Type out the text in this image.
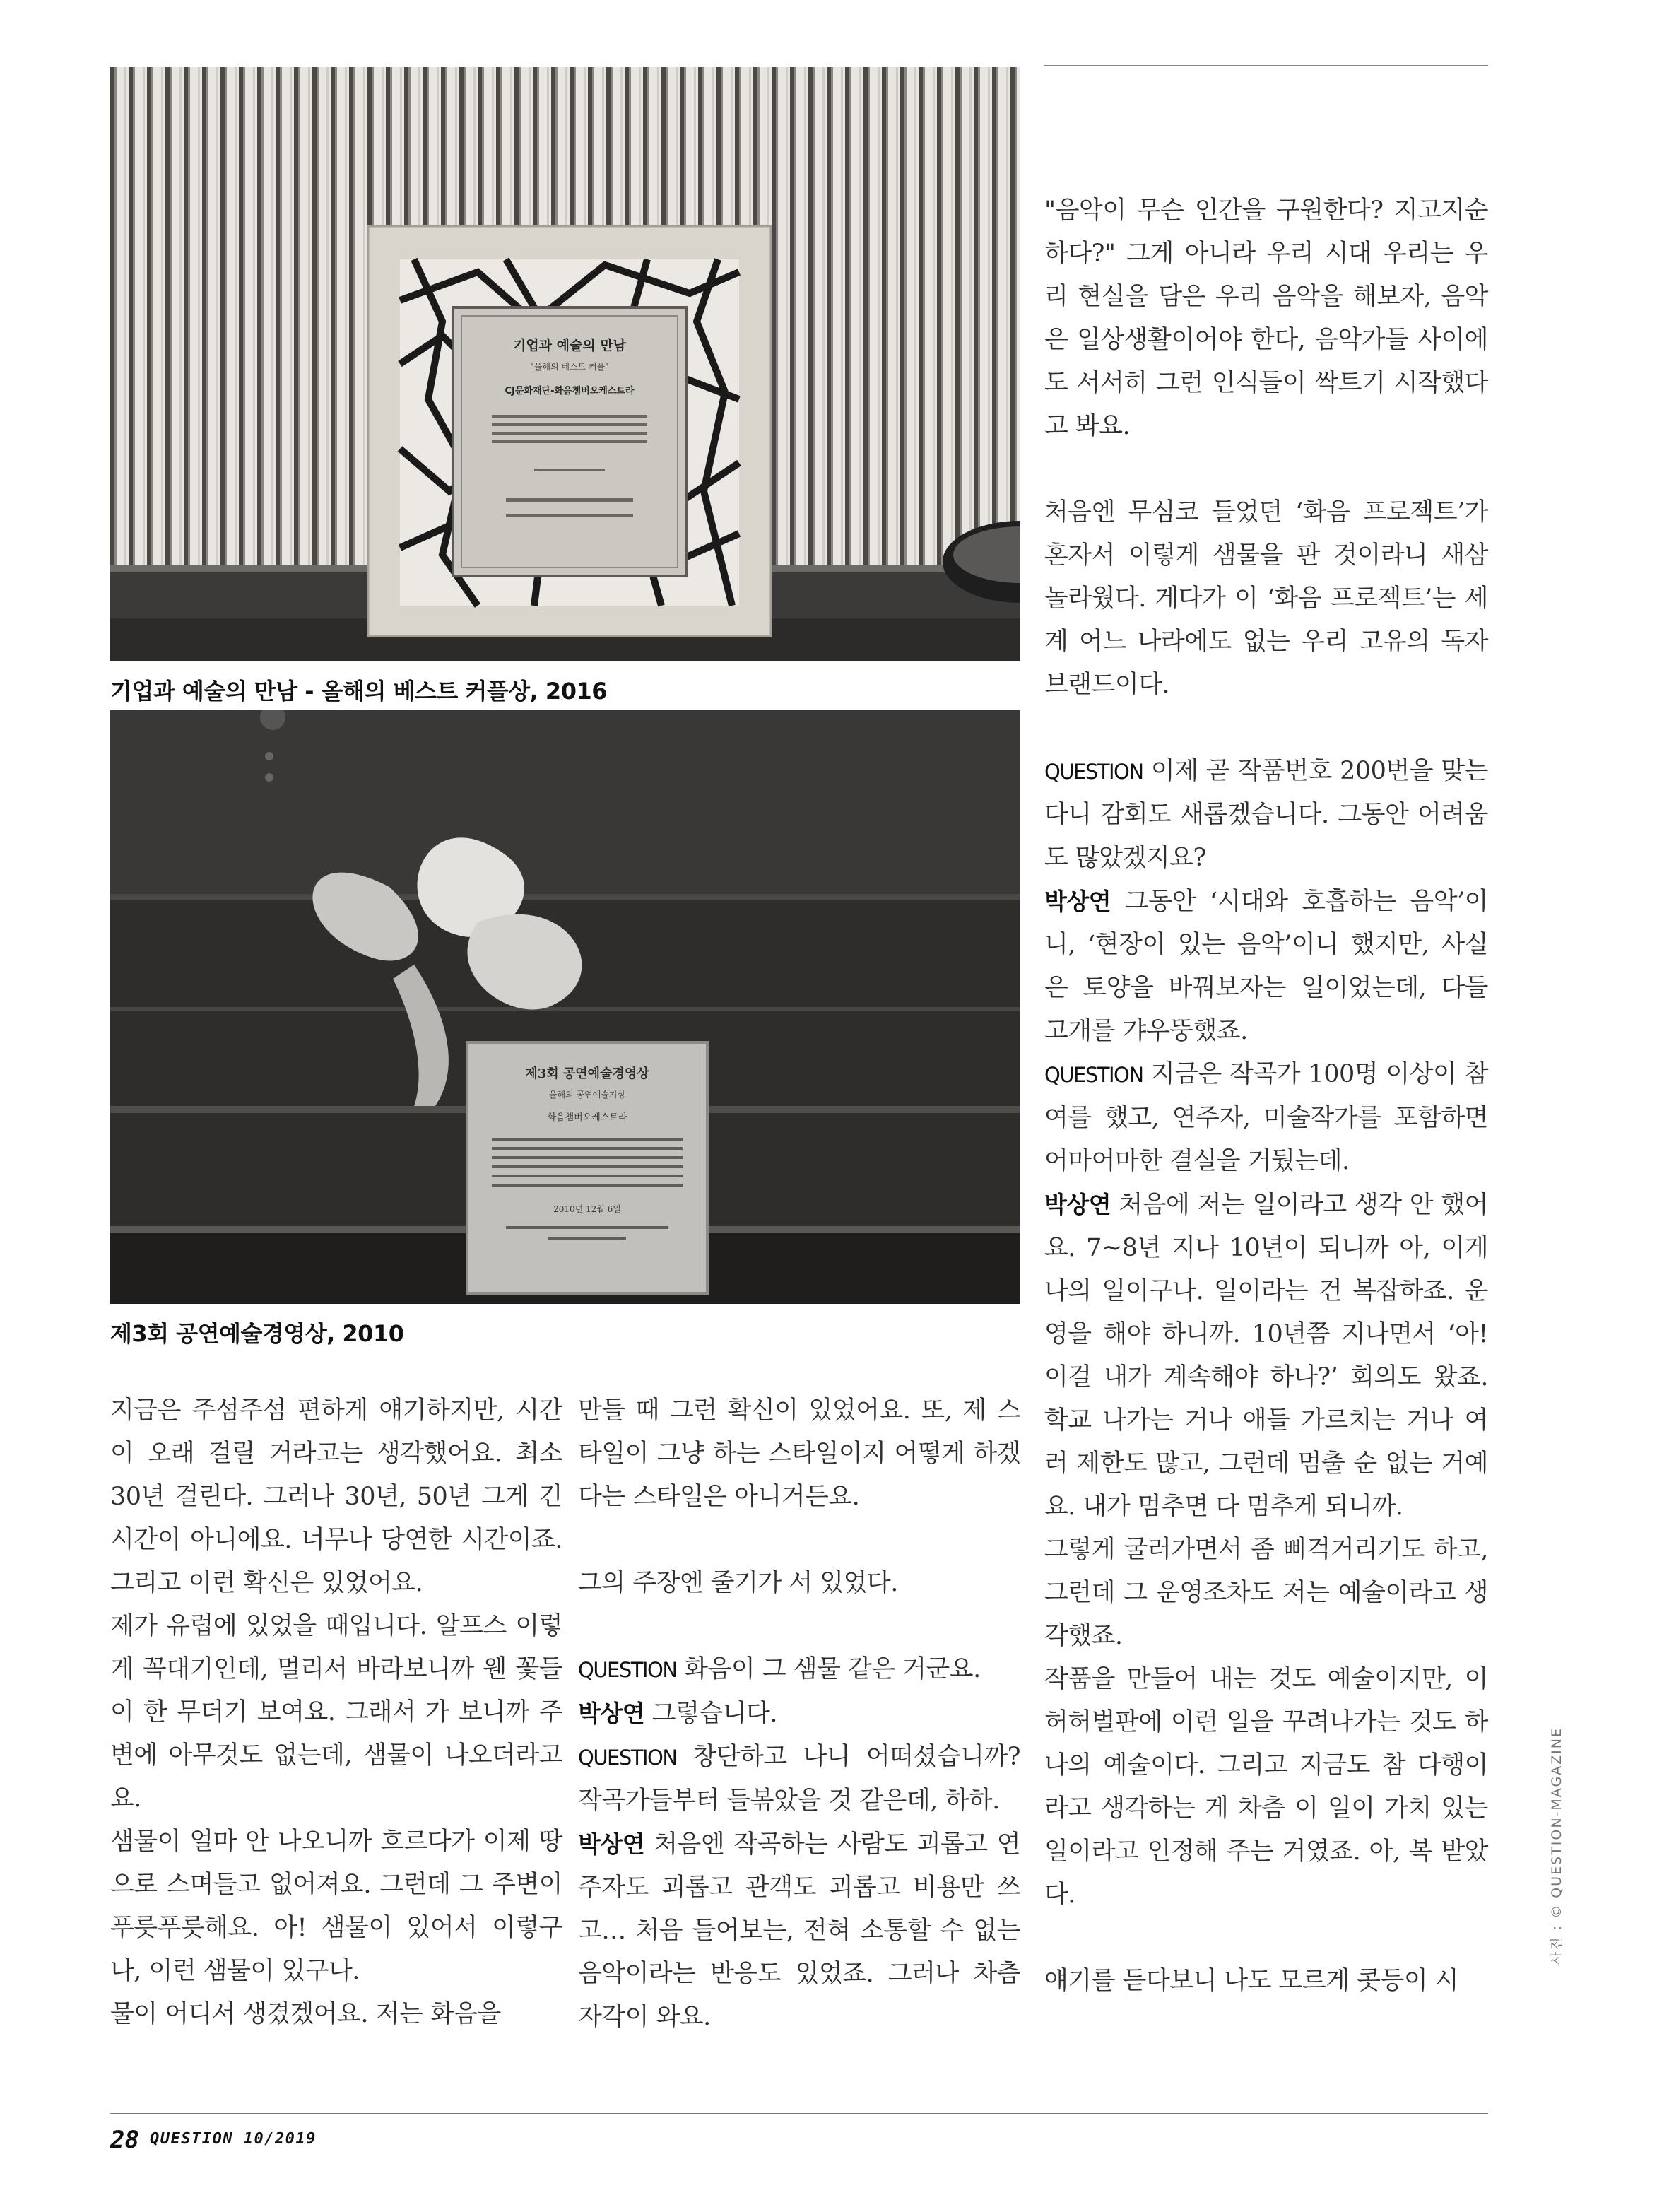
기업과 예술의 만남
"올해의 베스트 커플"
CJ문화재단-화음챔버오케스트라
기업과 예술의 만남 - 올해의 베스트 커플상, 2016
제3회 공연예술경영상
올해의 공연예술기상
화음챔버오케스트라
2010년 12월 6일
제3회 공연예술경영상, 2010

지금은 주섬주섬 편하게 얘기하지만, 시간이 오래 걸릴 거라고는 생각했어요. 최소 30년 걸린다. 그러나 30년, 50년 그게 긴 시간이 아니에요. 너무나 당연한 시간이죠. 그리고 이런 확신은 있었어요.

제가 유럽에 있었을 때입니다. 알프스 이렇게 꼭대기인데, 멀리서 바라보니까 웬 꽃들이 한 무더기 보여요. 그래서 가 보니까 주변에 아무것도 없는데, 샘물이 나오더라고요.

샘물이 얼마 안 나오니까 흐르다가 이제 땅으로 스며들고 없어져요. 그런데 그 주변이 푸릇푸릇해요. 아! 샘물이 있어서 이렇구나, 이런 샘물이 있구나.

물이 어디서 생겼겠어요. 저는 화음을

만들 때 그런 확신이 있었어요. 또, 제 스타일이 그냥 하는 스타일이지 어떻게 하겠다는 스타일은 아니거든요.

그의 주장엔 줄기가 서 있었다.

QUESTION 화음이 그 샘물 같은 거군요.

박상연 그렇습니다.

QUESTION 창단하고 나니 어떠셨습니까? 작곡가들부터 들볶았을 것 같은데, 하하.

박상연 처음엔 작곡하는 사람도 괴롭고 연주자도 괴롭고 관객도 괴롭고 비용만 쓰고… 처음 들어보는, 전혀 소통할 수 없는 음악이라는 반응도 있었죠. 그러나 차츰 자각이 와요.

"음악이 무슨 인간을 구원한다? 지고지순하다?" 그게 아니라 우리 시대 우리는 우리 현실을 담은 우리 음악을 해보자, 음악은 일상생활이어야 한다, 음악가들 사이에도 서서히 그런 인식들이 싹트기 시작했다고 봐요.

처음엔 무심코 들었던 ‘화음 프로젝트’가 혼자서 이렇게 샘물을 판 것이라니 새삼 놀라웠다. 게다가 이 ‘화음 프로젝트’는 세계 어느 나라에도 없는 우리 고유의 독자 브랜드이다.

QUESTION 이제 곧 작품번호 200번을 맞는다니 감회도 새롭겠습니다. 그동안 어려움도 많았겠지요?

박상연 그동안 ‘시대와 호흡하는 음악’이니, ‘현장이 있는 음악’이니 했지만, 사실은 토양을 바꿔보자는 일이었는데, 다들 고개를 갸우뚱했죠.

QUESTION 지금은 작곡가 100명 이상이 참여를 했고, 연주자, 미술작가를 포함하면 어마어마한 결실을 거뒀는데.

박상연 처음에 저는 일이라고 생각 안 했어요. 7~8년 지나 10년이 되니까 아, 이게 나의 일이구나. 일이라는 건 복잡하죠. 운영을 해야 하니까. 10년쯤 지나면서 ‘아! 이걸 내가 계속해야 하나?’ 회의도 왔죠. 학교 나가는 거나 애들 가르치는 거나 여러 제한도 많고, 그런데 멈출 순 없는 거예요. 내가 멈추면 다 멈추게 되니까.

그렇게 굴러가면서 좀 삐걱거리기도 하고, 그런데 그 운영조차도 저는 예술이라고 생각했죠.

작품을 만들어 내는 것도 예술이지만, 이 허허벌판에 이런 일을 꾸려나가는 것도 하나의 예술이다. 그리고 지금도 참 다행이라고 생각하는 게 차츰 이 일이 가치 있는 일이라고 인정해 주는 거였죠. 아, 복 받았다.

얘기를 듣다보니 나도 모르게 콧등이 시

사진 : © QUESTION-MAGAZINE
28 QUESTION 10/2019
